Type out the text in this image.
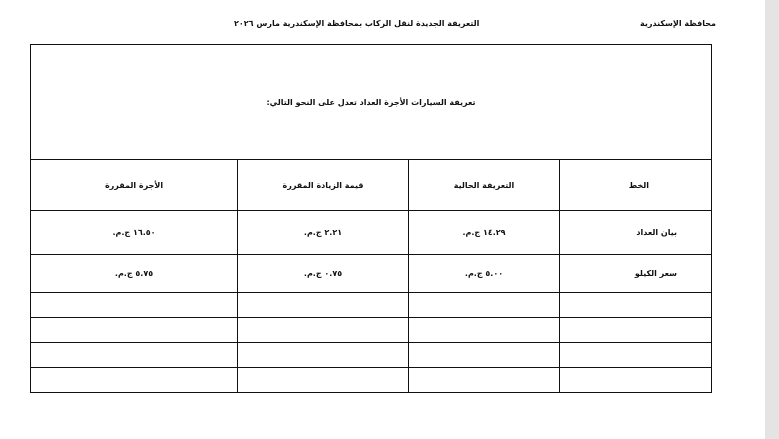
محافظة الإسكندرية
التعريفة الجديدة لنقل الركاب بمحافظة الإسكندرية مارس ٢٠٢٦
تعريفة السيارات الأجرة العداد تعدل على النحو التالي:			
الخط	التعريفة الحالية	قيمة الزيادة المقررة	الأجرة المقررة
بيان العداد	١٤.٢٩ ج.م.	٢.٢١ ج.م.	١٦.٥٠ ج.م.
سعر الكيلو	٥.٠٠ ج.م.	٠.٧٥ ج.م.	٥.٧٥ ج.م.
